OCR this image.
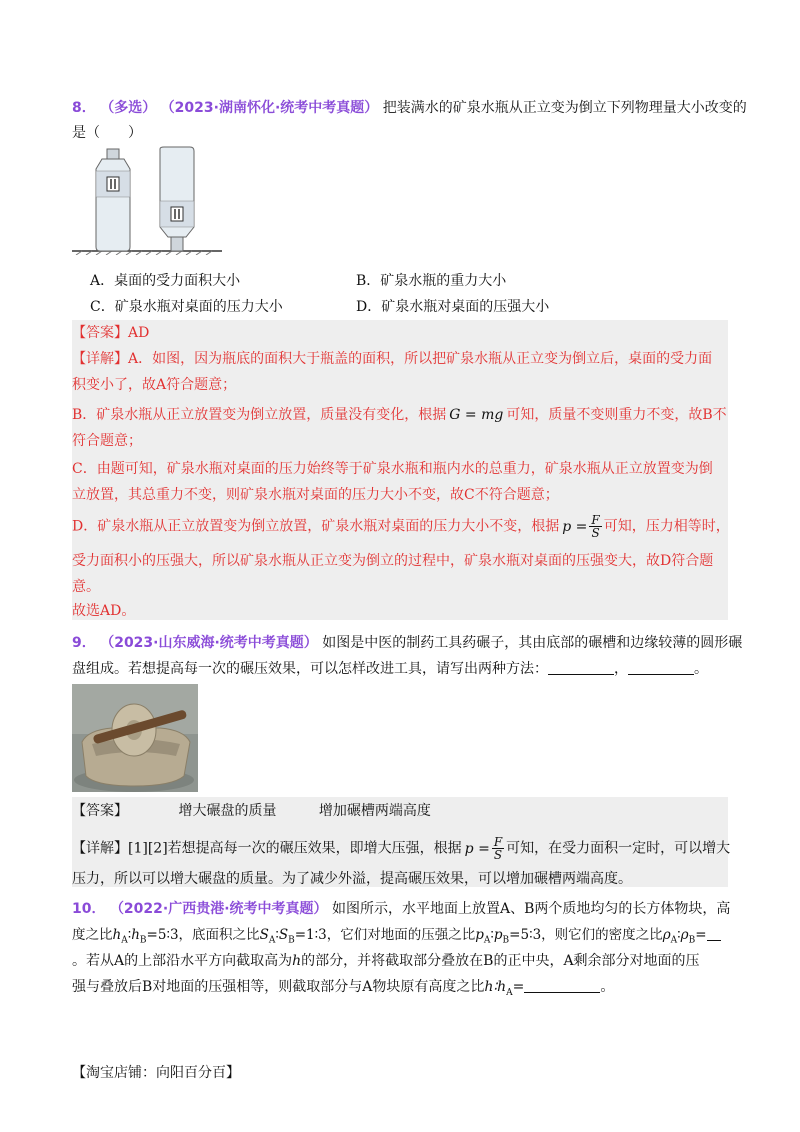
8． （多选） （2023·湖南怀化·统考中考真题） 把装满水的矿泉水瓶从正立变为倒立下列物理量大小改变的
是（　　）
A．桌面的受力面积大小	B．矿泉水瓶的重力大小
C．矿泉水瓶对桌面的压力大小	D．矿泉水瓶对桌面的压强大小
【答案】AD
【详解】A．如图，因为瓶底的面积大于瓶盖的面积，所以把矿泉水瓶从正立变为倒立后，桌面的受力面
积变小了，故A符合题意；
B．矿泉水瓶从正立放置变为倒立放置，质量没有变化，根据 G = mg 可知，质量不变则重力不变，故B不
符合题意；
C．由题可知，矿泉水瓶对桌面的压力始终等于矿泉水瓶和瓶内水的总重力，矿泉水瓶从正立放置变为倒
立放置，其总重力不变，则矿泉水瓶对桌面的压力大小不变，故C不符合题意；
D．矿泉水瓶从正立放置变为倒立放置，矿泉水瓶对桌面的压力大小不变，根据 $p = \frac{F}{S}$ 可知，压力相等时，
受力面积小的压强大，所以矿泉水瓶从正立变为倒立的过程中，矿泉水瓶对桌面的压强变大，故D符合题
意。
故选AD。
9． （2023·山东威海·统考中考真题） 如图是中医的制药工具药碾子，其由底部的碾槽和边缘较薄的圆形碾
盘组成。若想提高每一次的碾压效果，可以怎样改进工具，请写出两种方法：	，	。
【答案】	增大碾盘的质量	增加碾槽两端高度
【详解】[1][2]若想提高每一次的碾压效果，即增大压强，根据 $p = \frac{F}{S}$ 可知，在受力面积一定时，可以增大
压力，所以可以增大碾盘的质量。为了减少外溢，提高碾压效果，可以增加碾槽两端高度。
10． （2022·广西贵港·统考中考真题） 如图所示，水平地面上放置A、B两个质地均匀的长方体物块，高
度之比$h_A∶h_B=5∶3$，底面积之比$S_A∶S_B=1∶3$，它们对地面的压强之比$p_A∶p_B=5∶3$，则它们的密度之比$\rho_A∶\rho_B=$
。若从A的上部沿水平方向截取高为h的部分，并将截取部分叠放在B的正中央，A剩余部分对地面的压
强与叠放后B对地面的压强相等，则截取部分与A物块原有高度之比$h∶h_A=$	。
【淘宝店铺：向阳百分百】
